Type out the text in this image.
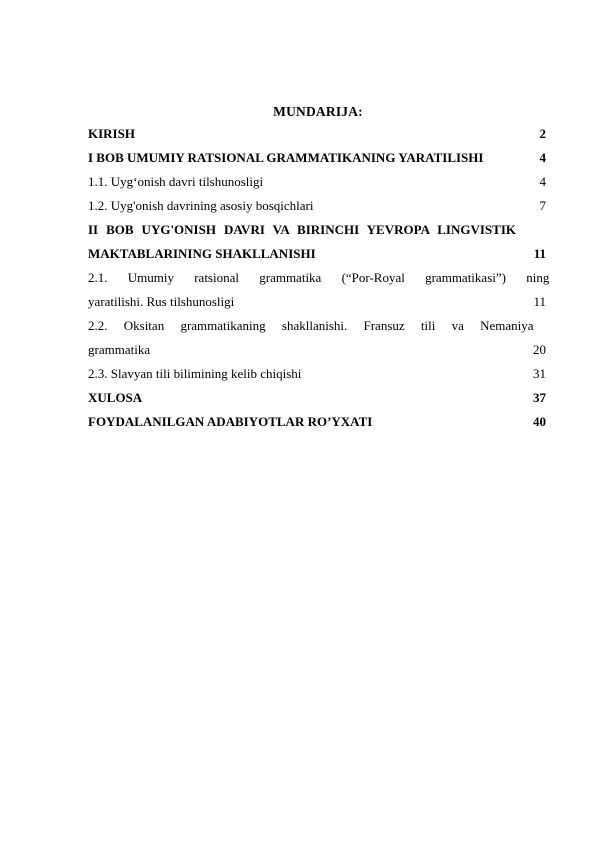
MUNDARIJA:
KIRISH	2
I BOB UMUMIY RATSIONAL GRAMMATIKANING YARATILISHI	4
1.1. Uyg‘onish davri tilshunosligi	4
1.2. Uyg'onish davrining asosiy bosqichlari	7
II BOB UYG'ONISH DAVRI VA BIRINCHI YEVROPA LINGVISTIK
MAKTABLARINING SHAKLLANISHI	11
2.1. Umumiy ratsional grammatika (“Por-Royal grammatikasi”) ning
yaratilishi. Rus tilshunosligi	11
2.2. Oksitan grammatikaning shakllanishi. Fransuz tili va Nemaniya
grammatika	20
2.3. Slavyan tili bilimining kelib chiqishi	31
XULOSA	37
FOYDALANILGAN ADABIYOTLAR RO’YXATI	40
